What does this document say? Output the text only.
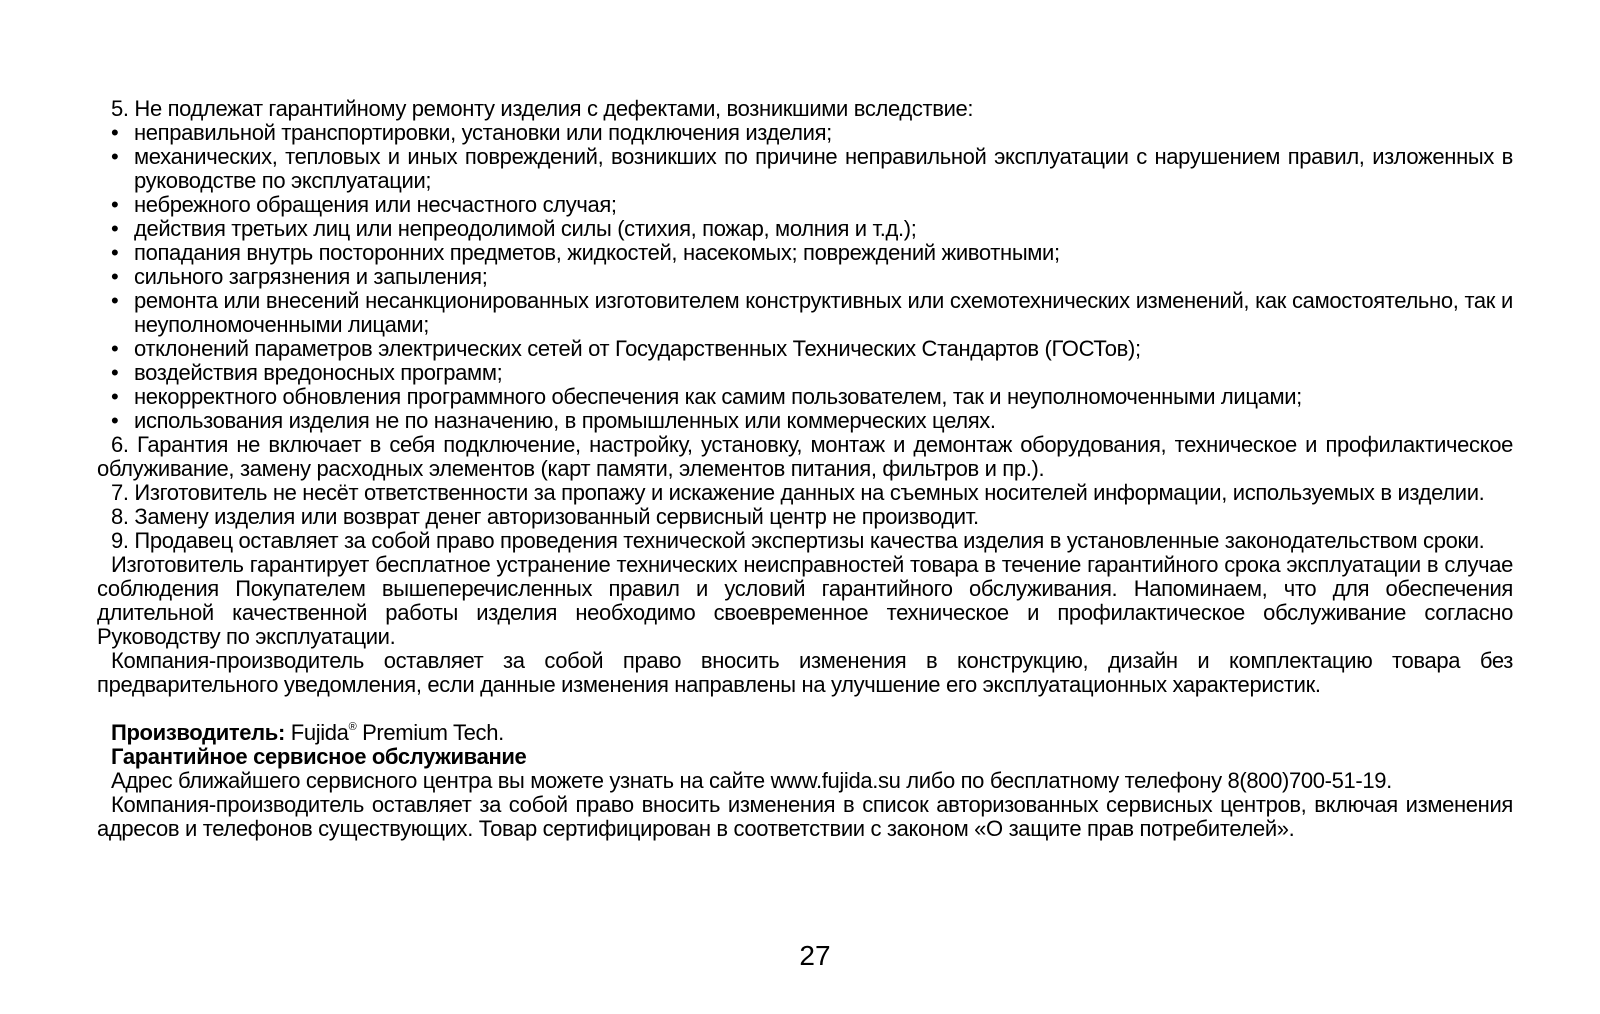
5. Не подлежат гарантийному ремонту изделия с дефектами, возникшими вследствие:

• неправильной транспортировки, установки или подключения изделия;
• механических, тепловых и иных повреждений, возникших по причине неправильной эксплуатации с нарушением правил, изложенных в руководстве по эксплуатации;
• небрежного обращения или несчастного случая;
• действия третьих лиц или непреодолимой силы (стихия, пожар, молния и т.д.);
• попадания внутрь посторонних предметов, жидкостей, насекомых; повреждений животными;
• сильного загрязнения и запыления;
• ремонта или внесений несанкционированных изготовителем конструктивных или схемотехнических изменений, как самостоятельно, так и неуполномоченными лицами;
• отклонений параметров электрических сетей от Государственных Технических Стандартов (ГОСТов);
• воздействия вредоносных программ;
• некорректного обновления программного обеспечения как самим пользователем, так и неуполномоченными лицами;
• использования изделия не по назначению, в промышленных или коммерческих целях.

6. Гарантия не включает в себя подключение, настройку, установку, монтаж и демонтаж оборудования, техническое и профилактическое облуживание, замену расходных элементов (карт памяти, элементов питания, фильтров и пр.).

7. Изготовитель не несёт ответственности за пропажу и искажение данных на съемных носителей информации, используемых в изделии.

8. Замену изделия или возврат денег авторизованный сервисный центр не производит.

9. Продавец оставляет за собой право проведения технической экспертизы качества изделия в установленные законодательством сроки.

Изготовитель гарантирует бесплатное устранение технических неисправностей товара в течение гарантийного срока эксплуатации в случае соблюдения Покупателем вышеперечисленных правил и условий гарантийного обслуживания. Напоминаем, что для обеспечения длительной качественной работы изделия необходимо своевременное техническое и профилактическое обслуживание согласно Руководству по эксплуатации.

Компания-производитель оставляет за собой право вносить изменения в конструкцию, дизайн и комплектацию товара без предварительного уведомления, если данные изменения направлены на улучшение его эксплуатационных характеристик.

Производитель: Fujida® Premium Tech.

Гарантийное сервисное обслуживание

Адрес ближайшего сервисного центра вы можете узнать на сайте www.fujida.su либо по бесплатному телефону 8(800)700-51-19.

Компания-производитель оставляет за собой право вносить изменения в список авторизованных сервисных центров, включая изменения адресов и телефонов существующих. Товар сертифицирован в соответствии с законом «О защите прав потребителей».

27
